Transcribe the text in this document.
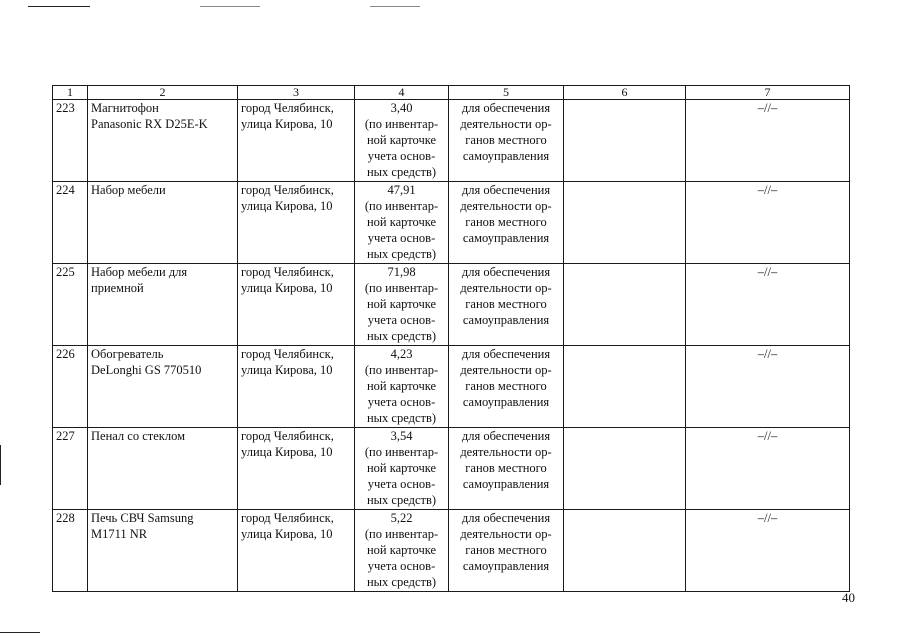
1	2	3	4	5	6	7
223	Магнитофон
Panasonic RX D25E-K	город Челябинск,
улица Кирова, 10	3,40
(по инвентар-
ной карточке
учета основ-
ных средств)	для обеспечения
деятельности ор-
ганов местного
самоуправления		–//–
224	Набор мебели	город Челябинск,
улица Кирова, 10	47,91
(по инвентар-
ной карточке
учета основ-
ных средств)	для обеспечения
деятельности ор-
ганов местного
самоуправления		–//–
225	Набор мебели для
приемной	город Челябинск,
улица Кирова, 10	71,98
(по инвентар-
ной карточке
учета основ-
ных средств)	для обеспечения
деятельности ор-
ганов местного
самоуправления		–//–
226	Обогреватель
DeLonghi GS 770510	город Челябинск,
улица Кирова, 10	4,23
(по инвентар-
ной карточке
учета основ-
ных средств)	для обеспечения
деятельности ор-
ганов местного
самоуправления		–//–
227	Пенал со стеклом	город Челябинск,
улица Кирова, 10	3,54
(по инвентар-
ной карточке
учета основ-
ных средств)	для обеспечения
деятельности ор-
ганов местного
самоуправления		–//–
228	Печь СВЧ Samsung
M1711 NR	город Челябинск,
улица Кирова, 10	5,22
(по инвентар-
ной карточке
учета основ-
ных средств)	для обеспечения
деятельности ор-
ганов местного
самоуправления		–//–
40
